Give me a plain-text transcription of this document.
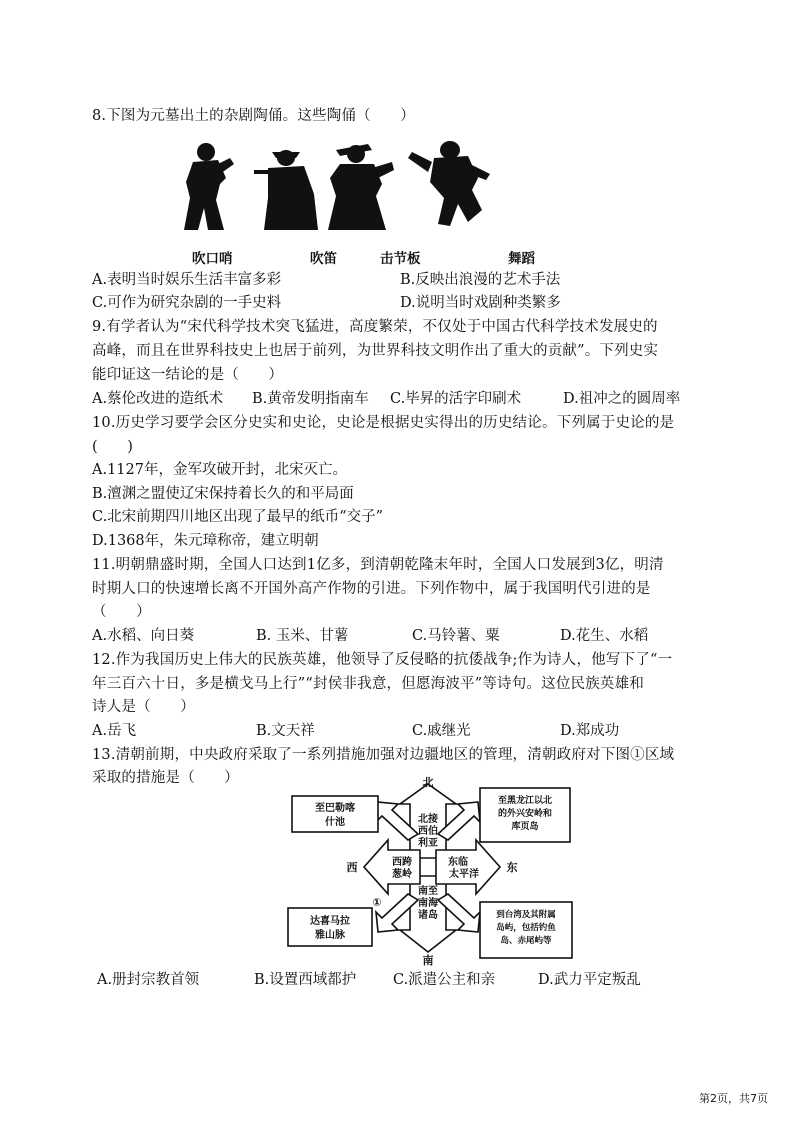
8.下图为元墓出土的杂剧陶俑。这些陶俑（　　）
吹口哨	吹笛	击节板	舞蹈
A.表明当时娱乐生活丰富多彩	B.反映出浪漫的艺术手法
C.可作为研究杂剧的一手史料	D.说明当时戏剧种类繁多
9.有学者认为“宋代科学技术突飞猛进，高度繁荣，不仅处于中国古代科学技术发展史的
高峰，而且在世界科技史上也居于前列，为世界科技文明作出了重大的贡献”。下列史实
能印证这一结论的是（　　）
A.蔡伦改进的造纸术 B.黄帝发明指南车 C.毕昇的活字印刷术	D.祖冲之的圆周率
10.历史学习要学会区分史实和史论，史论是根据史实得出的历史结论。下列属于史论的是
(　　)
A.1127年，金军攻破开封，北宋灭亡。
B.澶渊之盟使辽宋保持着长久的和平局面
C.北宋前期四川地区出现了最早的纸币“交子”
D.1368年，朱元璋称帝，建立明朝
11.明朝鼎盛时期，全国人口达到1亿多，到清朝乾隆末年时，全国人口发展到3亿，明清
时期人口的快速增长离不开国外高产作物的引进。下列作物中，属于我国明代引进的是
（　　）
A.水稻、向日葵	B. 玉米、甘薯	C.马铃薯、粟	D.花生、水稻
12.作为我国历史上伟大的民族英雄，他领导了反侵略的抗倭战争;作为诗人，他写下了“一
年三百六十日，多是横戈马上行”“封侯非我意，但愿海波平”等诗句。这位民族英雄和
诗人是（　　）
A.岳飞	B.文天祥	C.戚继光	D.郑成功
13.清朝前期，中央政府采取了一系列措施加强对边疆地区的管理，清朝政府对下图①区域
采取的措施是（　　）	北
南
西	东
北接
西伯
利亚
西跨
葱岭
东临
太平洋
南至
南海
诸岛
至巴勒喀
什池
至黑龙江以北
的外兴安岭和
库页岛
达喜马拉
雅山脉
到台湾及其附属
岛屿，包括钓鱼
岛、赤尾屿等
①
A.册封宗教首领	B.设置西域都护	C.派遣公主和亲	D.武力平定叛乱
第2页，共7页
